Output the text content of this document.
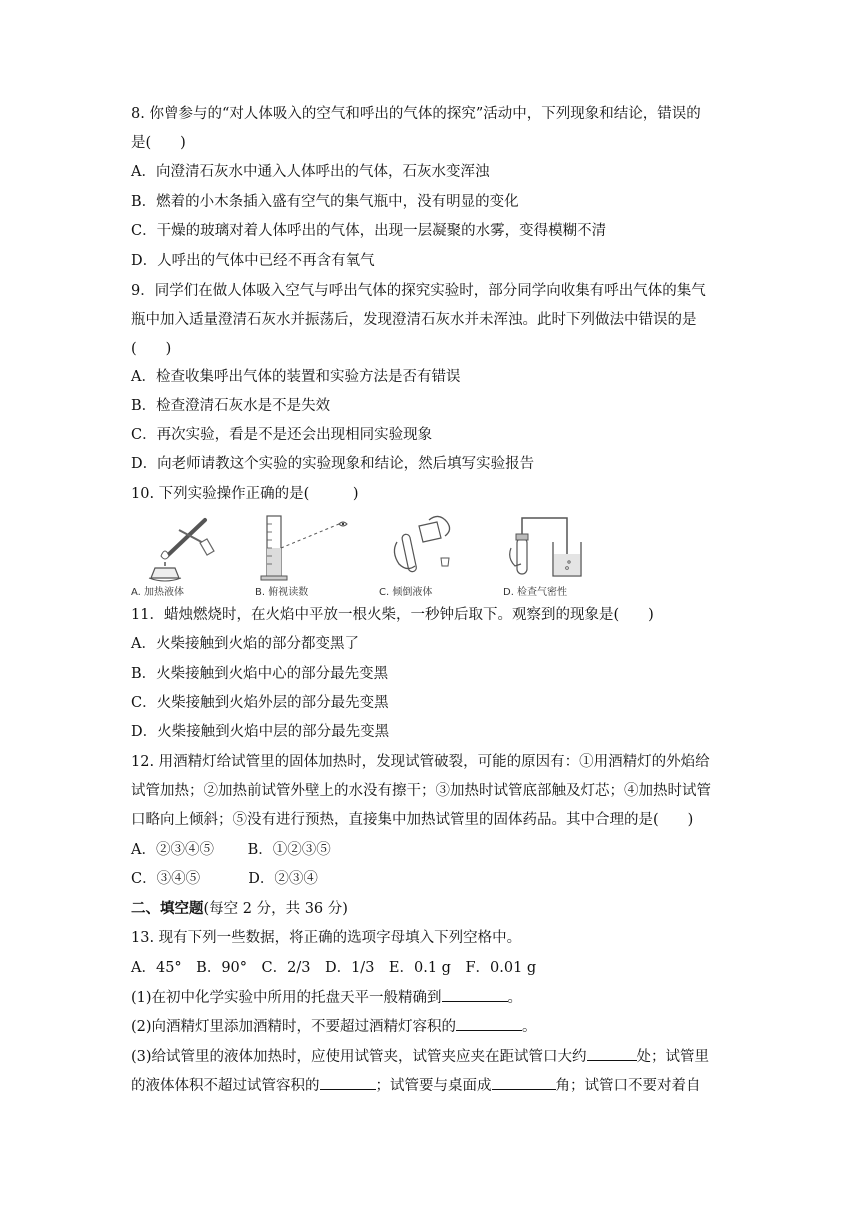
8. 你曾参与的“对人体吸入的空气和呼出的气体的探究”活动中，下列现象和结论，错误的
是(　　)
A．向澄清石灰水中通入人体呼出的气体，石灰水变浑浊
B．燃着的小木条插入盛有空气的集气瓶中，没有明显的变化
C．干燥的玻璃对着人体呼出的气体，出现一层凝聚的水雾，变得模糊不清
D．人呼出的气体中已经不再含有氧气
9．同学们在做人体吸入空气与呼出气体的探究实验时，部分同学向收集有呼出气体的集气
瓶中加入适量澄清石灰水并振荡后，发现澄清石灰水并未浑浊。此时下列做法中错误的是
(　　)
A．检查收集呼出气体的装置和实验方法是否有错误
B．检查澄清石灰水是不是失效
C．再次实验，看是不是还会出现相同实验现象
D．向老师请教这个实验的实验现象和结论，然后填写实验报告
10. 下列实验操作正确的是(　　　)
A. 加热液体	B. 俯视读数	C. 倾倒液体	D. 检查气密性
11．蜡烛燃烧时，在火焰中平放一根火柴，一秒钟后取下。观察到的现象是(　　)
A．火柴接触到火焰的部分都变黑了
B．火柴接触到火焰中心的部分最先变黑
C．火柴接触到火焰外层的部分最先变黑
D．火柴接触到火焰中层的部分最先变黑
12. 用酒精灯给试管里的固体加热时，发现试管破裂，可能的原因有：①用酒精灯的外焰给
试管加热；②加热前试管外壁上的水没有擦干；③加热时试管底部触及灯芯；④加热时试管
口略向上倾斜；⑤没有进行预热，直接集中加热试管里的固体药品。其中合理的是(　　)
A．②③④⑤　　 B．①②③⑤
C．③④⑤　　　 D．②③④
二、填空题(每空 2 分，共 36 分)
13. 现有下列一些数据，将正确的选项字母填入下列空格中。
A．45°　B．90°　C．2/3　D．1/3　E．0.1 g　F．0.01 g
(1)在初中化学实验中所用的托盘天平一般精确到	。
(2)向酒精灯里添加酒精时，不要超过酒精灯容积的	。
(3)给试管里的液体加热时，应使用试管夹，试管夹应夹在距试管口大约	处；试管里
的液体体积不超过试管容积的	；试管要与桌面成	角；试管口不要对着自
